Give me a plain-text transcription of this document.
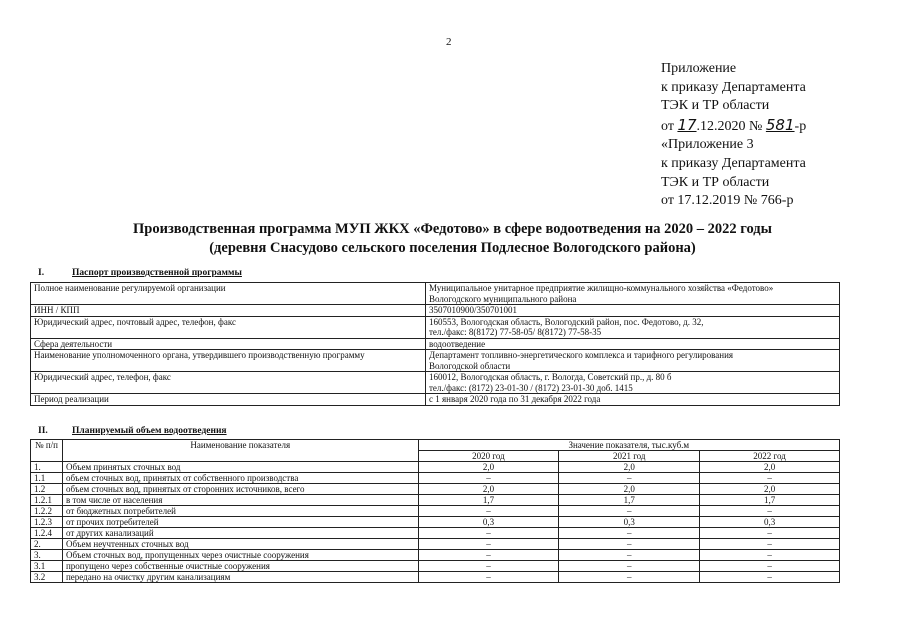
2
Приложение
к приказу Департамента
ТЭК и ТР области
от 17.12.2020 № 581-р
«Приложение 3
к приказу Департамента
ТЭК и ТР области
от 17.12.2019 № 766-р
Производственная программа МУП ЖКХ «Федотово» в сфере водоотведения на 2020 – 2022 годы
(деревня Снасудово сельского поселения Подлесное Вологодского района)
I.	Паспорт производственной программы
Полное наименование регулируемой организации	Муниципальное унитарное предприятие жилищно-коммунального хозяйства «Федотово»
Вологодского муниципального района

ИНН / КПП	3507010900/350701001

Юридический адрес, почтовый адрес, телефон, факс	160553, Вологодская область, Вологодский район, пос. Федотово, д. 32,
тел./факс: 8(8172) 77-58-05/ 8(8172) 77-58-35

Сфера деятельности	водоотведение

Наименование уполномоченного органа, утвердившего производственную программу	Департамент топливно-энергетического комплекса и тарифного регулирования
Вологодской области

Юридический адрес, телефон, факс	160012, Вологодская область, г. Вологда, Советский пр., д. 80 б
тел./факс: (8172) 23-01-30 / (8172) 23-01-30 доб. 1415

Период реализации	с 1 января 2020 года по 31 декабря 2022 года
II.	Планируемый объем водоотведения
№ п/п	Наименование показателя	Значение показателя, тыс.куб.м		
		2020 год	2021 год	2022 год
1.	Объем принятых сточных вод	2,0	2,0	2,0
1.1	объем сточных вод, принятых от собственного производства	–	–	–
1.2	объем сточных вод, принятых от сторонних источников, всего	2,0	2,0	2,0
1.2.1	в том числе от населения	1,7	1,7	1,7
1.2.2	от бюджетных потребителей	–	–	–
1.2.3	от прочих потребителей	0,3	0,3	0,3
1.2.4	от других канализаций	–	–	–
2.	Объем неучтенных сточных вод	–	–	–
3.	Объем сточных вод, пропущенных через очистные сооружения	–	–	–
3.1	пропущено через собственные очистные сооружения	–	–	–
3.2	передано на очистку другим канализациям	–	–	–
